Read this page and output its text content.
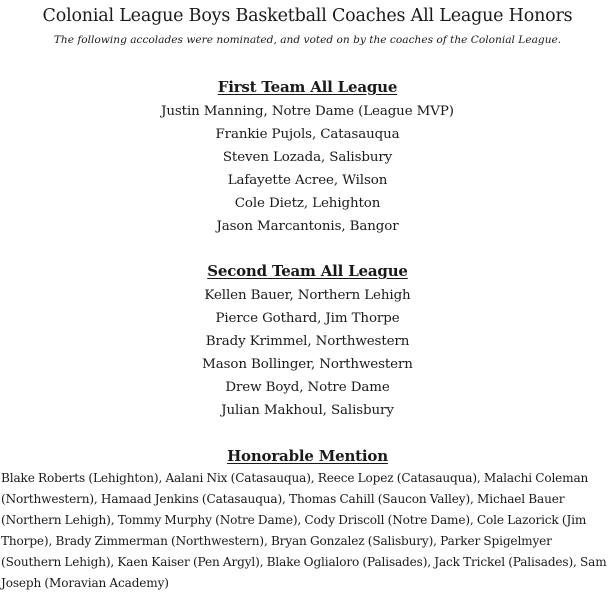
Colonial League Boys Basketball Coaches All League Honors
The following accolades were nominated, and voted on by the coaches of the Colonial League.
First Team All League
Justin Manning, Notre Dame (League MVP)
Frankie Pujols, Catasauqua
Steven Lozada, Salisbury
Lafayette Acree, Wilson
Cole Dietz, Lehighton
Jason Marcantonis, Bangor
Second Team All League
Kellen Bauer, Northern Lehigh
Pierce Gothard, Jim Thorpe
Brady Krimmel, Northwestern
Mason Bollinger, Northwestern
Drew Boyd, Notre Dame
Julian Makhoul, Salisbury
Honorable Mention
Blake Roberts (Lehighton), Aalani Nix (Catasauqua), Reece Lopez (Catasauqua), Malachi Coleman (Northwestern), Hamaad Jenkins (Catasauqua), Thomas Cahill (Saucon Valley), Michael Bauer (Northern Lehigh), Tommy Murphy (Notre Dame), Cody Driscoll (Notre Dame), Cole Lazorick (Jim Thorpe), Brady Zimmerman (Northwestern), Bryan Gonzalez (Salisbury), Parker Spigelmyer (Southern Lehigh), Kaen Kaiser (Pen Argyl), Blake Oglialoro (Palisades), Jack Trickel (Palisades), Sam Joseph (Moravian Academy)
